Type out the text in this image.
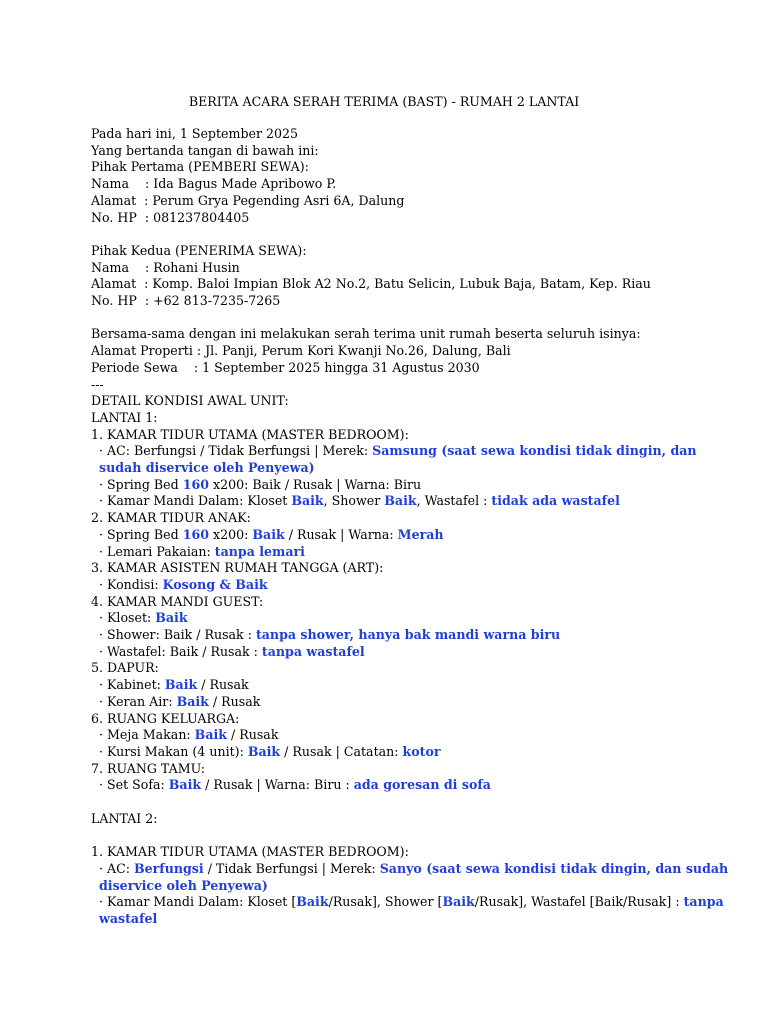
BERITA ACARA SERAH TERIMA (BAST) - RUMAH 2 LANTAI
Pada hari ini, 1 September 2025
Yang bertanda tangan di bawah ini:
Pihak Pertama (PEMBERI SEWA):
Nama    : Ida Bagus Made Apribowo P.
Alamat  : Perum Grya Pegending Asri 6A, Dalung
No. HP  : 081237804405
Pihak Kedua (PENERIMA SEWA):
Nama    : Rohani Husin
Alamat  : Komp. Baloi Impian Blok A2 No.2, Batu Selicin, Lubuk Baja, Batam, Kep. Riau
No. HP  : +62 813-7235-7265
Bersama-sama dengan ini melakukan serah terima unit rumah beserta seluruh isinya:
Alamat Properti : Jl. Panji, Perum Kori Kwanji No.26, Dalung, Bali
Periode Sewa    : 1 September 2025 hingga 31 Agustus 2030
---
DETAIL KONDISI AWAL UNIT:
LANTAI 1:
1. KAMAR TIDUR UTAMA (MASTER BEDROOM):
· AC: Berfungsi / Tidak Berfungsi | Merek: Samsung (saat sewa kondisi tidak dingin, dan sudah diservice oleh Penyewa)
· Spring Bed 160 x200: Baik / Rusak | Warna: Biru
· Kamar Mandi Dalam: Kloset Baik, Shower Baik, Wastafel : tidak ada wastafel
2. KAMAR TIDUR ANAK:
· Spring Bed 160 x200: Baik / Rusak | Warna: Merah
· Lemari Pakaian: tanpa lemari
3. KAMAR ASISTEN RUMAH TANGGA (ART):
· Kondisi: Kosong & Baik
4. KAMAR MANDI GUEST:
· Kloset: Baik
· Shower: Baik / Rusak : tanpa shower, hanya bak mandi warna biru
· Wastafel: Baik / Rusak : tanpa wastafel
5. DAPUR:
· Kabinet: Baik / Rusak
· Keran Air: Baik / Rusak
6. RUANG KELUARGA:
· Meja Makan: Baik / Rusak
· Kursi Makan (4 unit): Baik / Rusak | Catatan: kotor
7. RUANG TAMU:
· Set Sofa: Baik / Rusak | Warna: Biru : ada goresan di sofa
LANTAI 2:
1. KAMAR TIDUR UTAMA (MASTER BEDROOM):
· AC: Berfungsi / Tidak Berfungsi | Merek: Sanyo (saat sewa kondisi tidak dingin, dan sudah diservice oleh Penyewa)
· Kamar Mandi Dalam: Kloset [Baik/Rusak], Shower [Baik/Rusak], Wastafel [Baik/Rusak] : tanpa wastafel
